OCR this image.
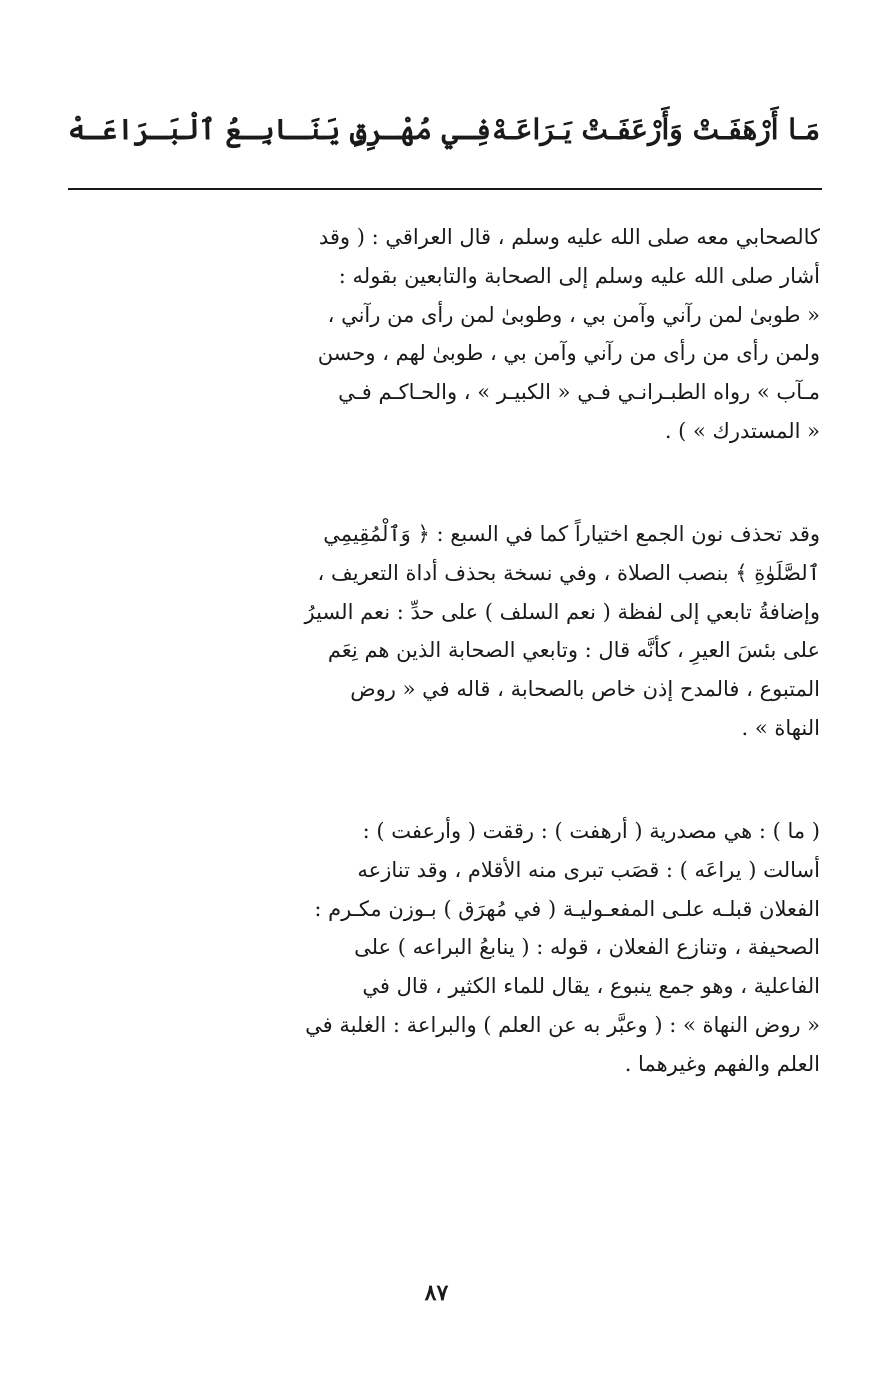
مَـا أَرْهَفَـتْ وَأَرْعَفَـتْ يَـرَاعَـهْ
فِـي مُهْـرِقٍ يَنَـابِـعُ ٱلْبَـرَاعَـهْ
كالصحابي معه صلى الله عليه وسلم ، قال العراقي : ( وقد
أشار صلى الله عليه وسلم إلى الصحابة والتابعين بقوله :
« طوبىٰ لمن رآني وآمن بي ، وطوبىٰ لمن رأى من رآني ،
ولمن رأى من رأى من رآني وآمن بي ، طوبىٰ لهم ، وحسن
مـآب » رواه الطبـرانـي فـي « الكبيـر » ، والحـاكـم فـي
« المستدرك » ) .
وقد تحذف نون الجمع اختياراً كما في السبع : ﴿ وَٱلْمُقِيمِي
ٱلصَّلَوٰةِ ﴾ بنصب الصلاة ، وفي نسخة بحذف أداة التعريف ،
وإضافةُ تابعي إلى لفظة ( نعم السلف ) على حدِّ : نعم السيرُ
على بئسَ العيرِ ، كأنَّه قال : وتابعي الصحابة الذين هم نِعَم
المتبوع ، فالمدح إذن خاص بالصحابة ، قاله في « روض
النهاة » .
( ما ) : هي مصدرية ( أرهفت ) : رققت ( وأرعفت ) :
أسالت ( يراعَه ) : قصَب تبرى منه الأقلام ، وقد تنازعه
الفعلان قبلـه علـى المفعـوليـة ( في مُهرَق ) بـوزن مكـرم :
الصحيفة ، وتنازع الفعلان ، قوله : ( ينابعُ البراعه ) على
الفاعلية ، وهو جمع ينبوع ، يقال للماء الكثير ، قال في
« روض النهاة » : ( وعبَّر به عن العلم ) والبراعة : الغلبة في
العلم والفهم وغيرهما .
٨٧
